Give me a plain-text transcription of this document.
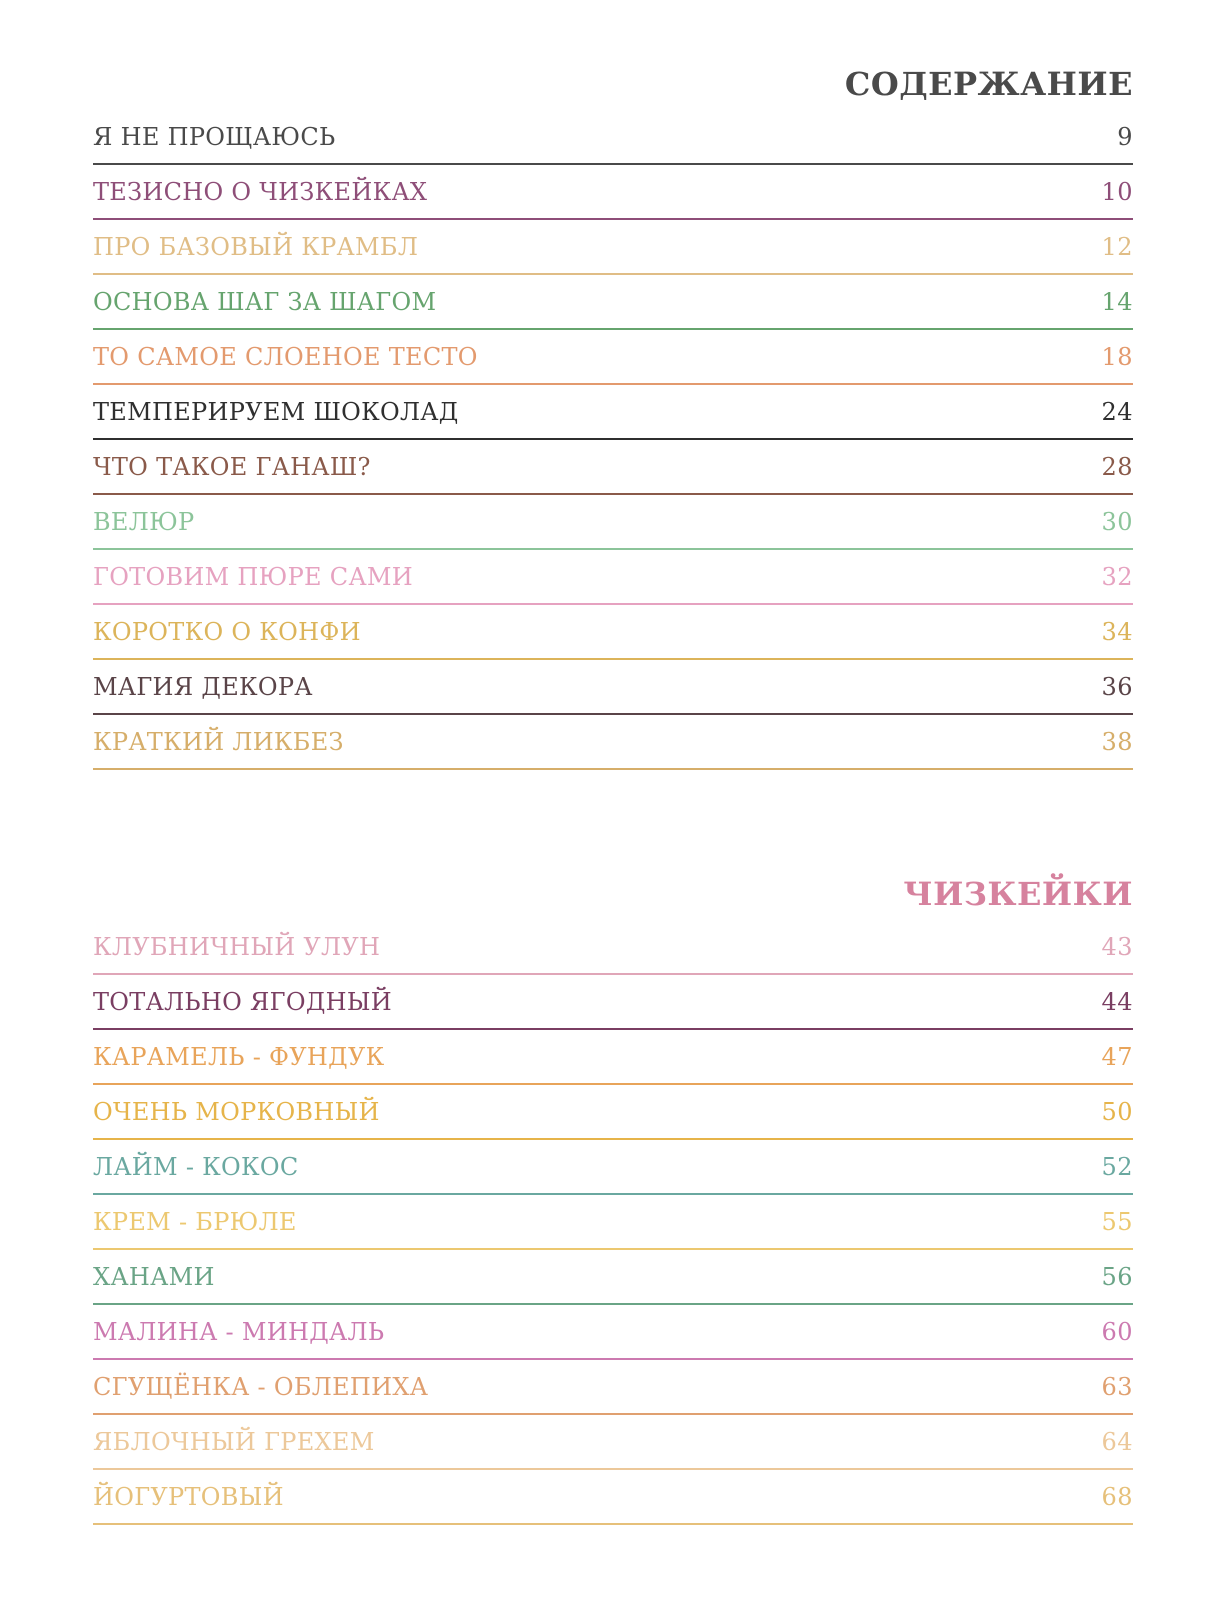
СОДЕРЖАНИЕ
Я НЕ ПРОЩАЮСЬ	9
ТЕЗИСНО О ЧИЗКЕЙКАХ	10
ПРО БАЗОВЫЙ КРАМБЛ	12
ОСНОВА ШАГ ЗА ШАГОМ	14
ТО САМОЕ СЛОЕНОЕ ТЕСТО	18
ТЕМПЕРИРУЕМ ШОКОЛАД	24
ЧТО ТАКОЕ ГАНАШ?	28
ВЕЛЮР	30
ГОТОВИМ ПЮРЕ САМИ	32
КОРОТКО О КОНФИ	34
МАГИЯ ДЕКОРА	36
КРАТКИЙ ЛИКБЕЗ	38
ЧИЗКЕЙКИ
КЛУБНИЧНЫЙ УЛУН	43
ТОТАЛЬНО ЯГОДНЫЙ	44
КАРАМЕЛЬ - ФУНДУК	47
ОЧЕНЬ МОРКОВНЫЙ	50
ЛАЙМ - КОКОС	52
КРЕМ - БРЮЛЕ	55
ХАНАМИ	56
МАЛИНА - МИНДАЛЬ	60
СГУЩЁНКА - ОБЛЕПИХА	63
ЯБЛОЧНЫЙ ГРЕХЕМ	64
ЙОГУРТОВЫЙ	68
